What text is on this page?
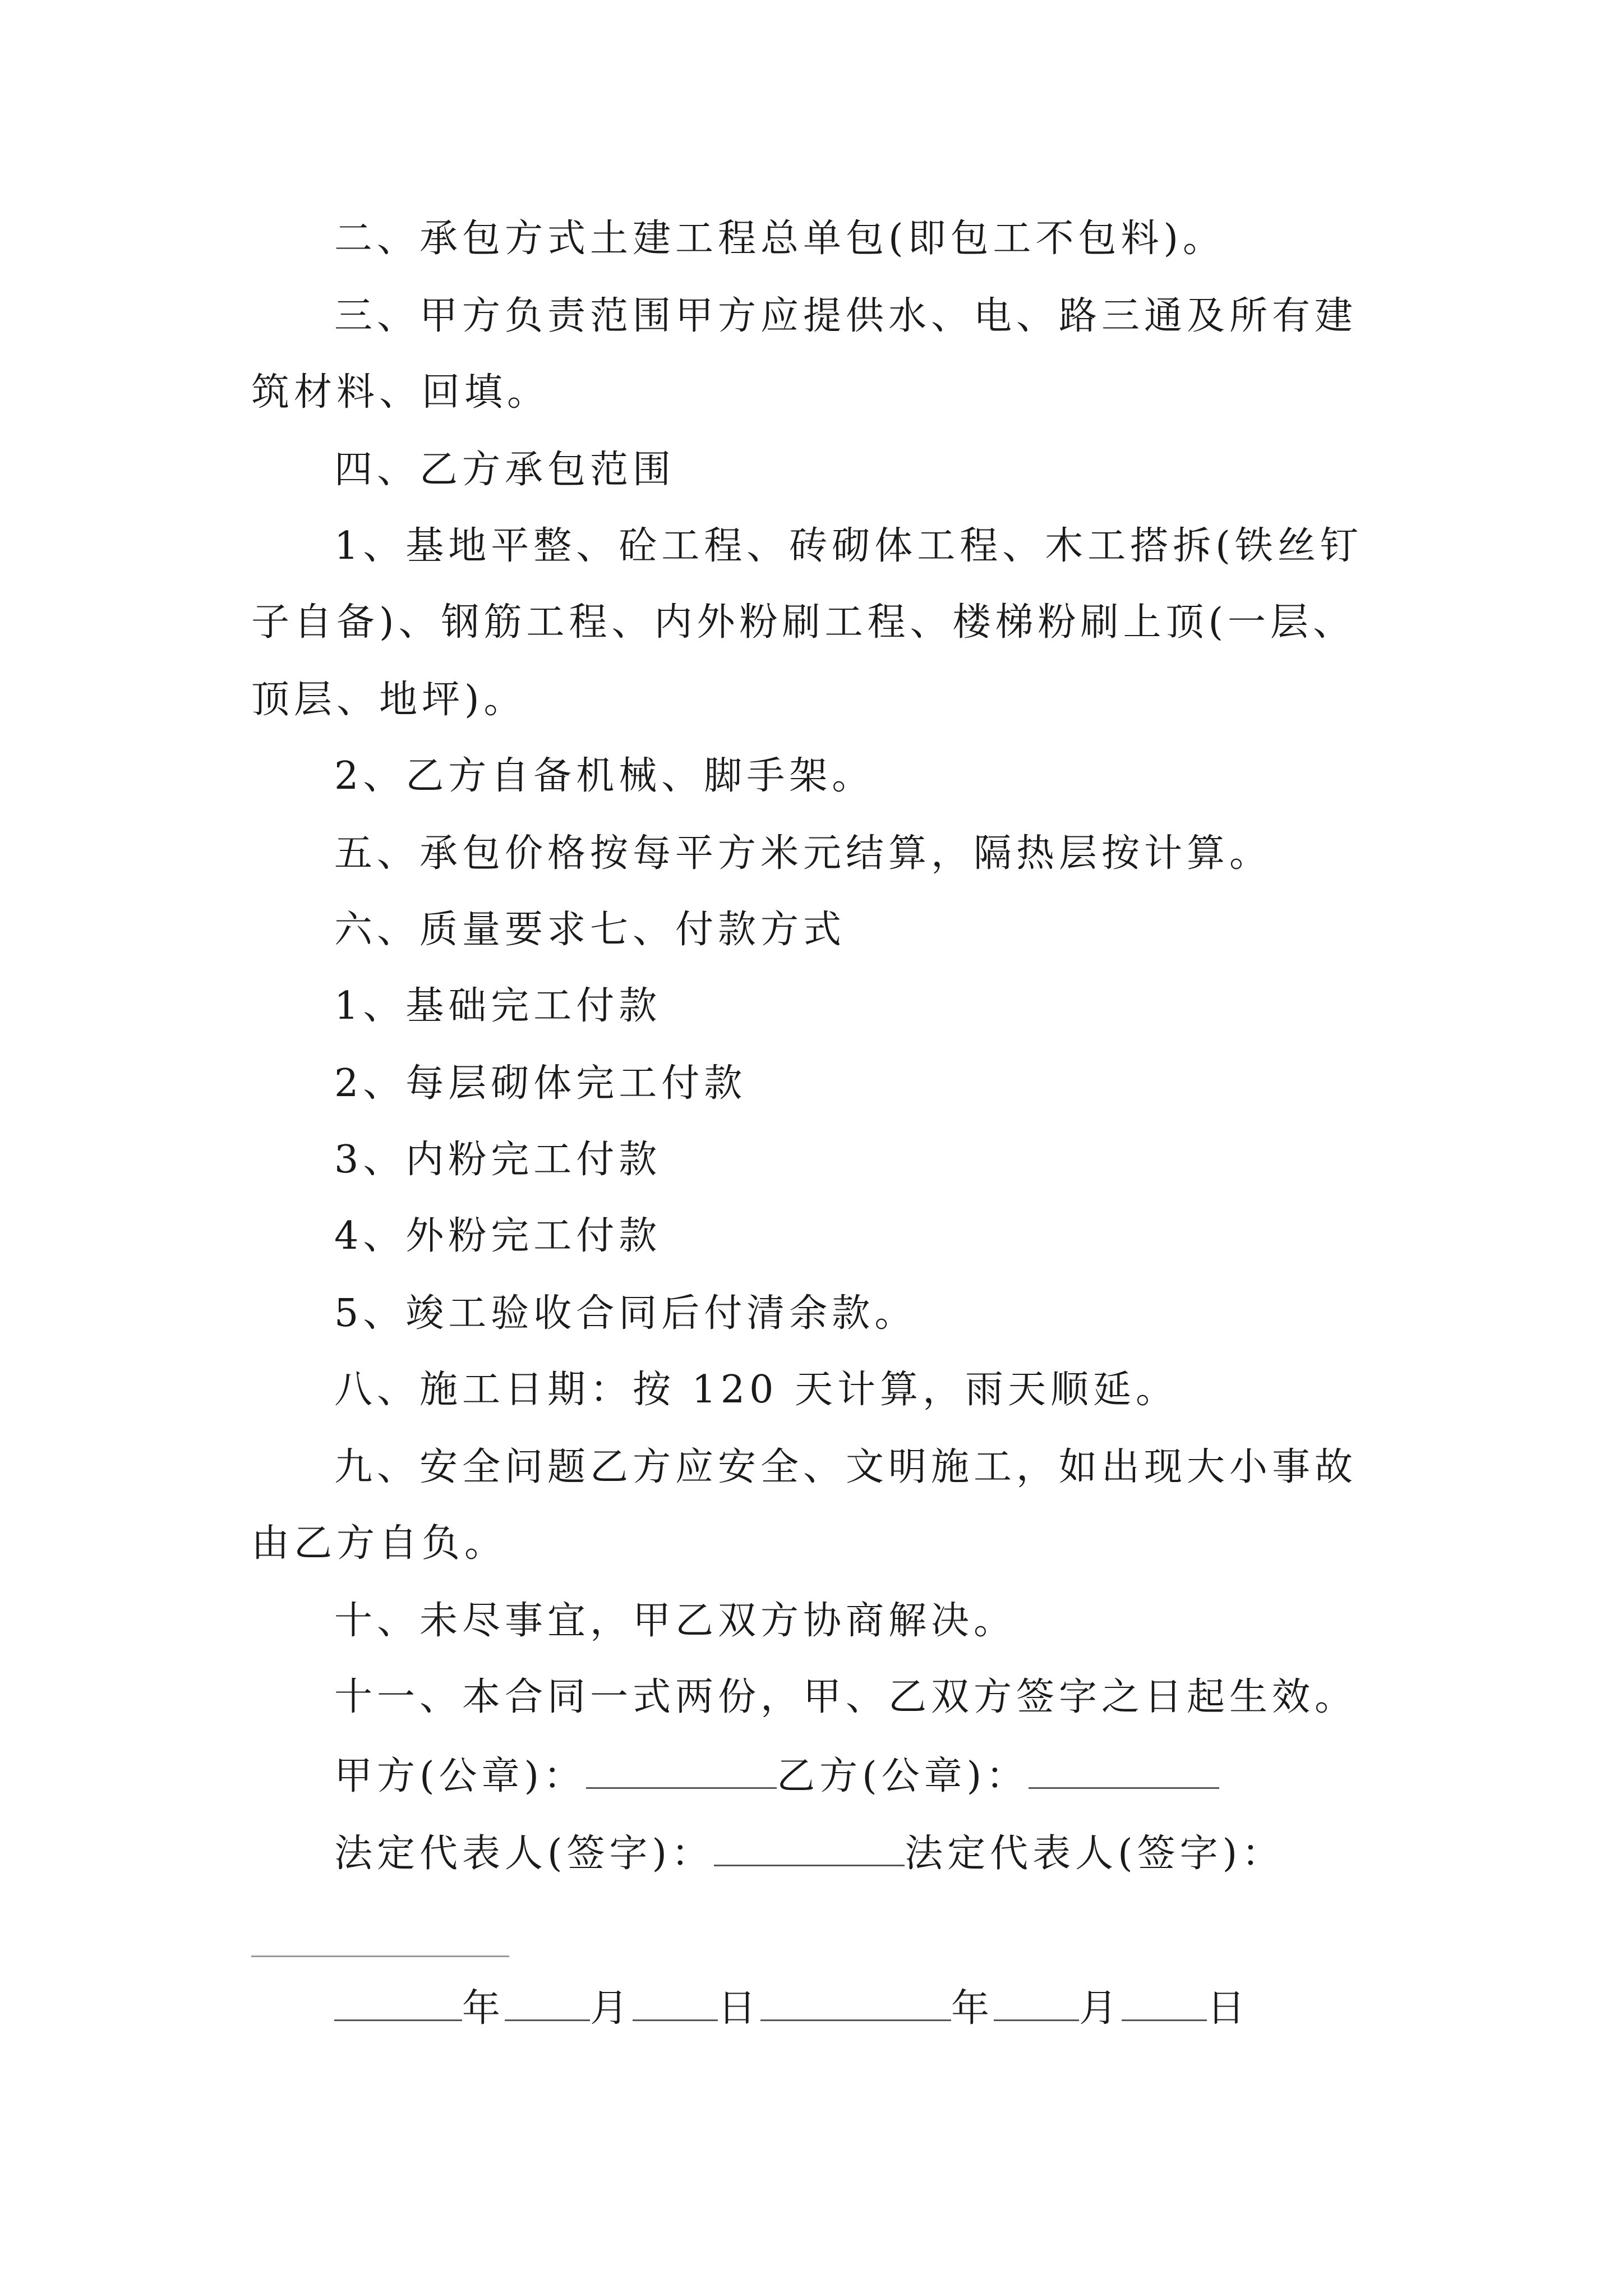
二、承包方式土建工程总单包(即包工不包料)。
三、甲方负责范围甲方应提供水、电、路三通及所有建
筑材料、回填。
四、乙方承包范围
1、基地平整、砼工程、砖砌体工程、木工搭拆(铁丝钉
子自备)、钢筋工程、内外粉刷工程、楼梯粉刷上顶(一层、
顶层、地坪)。
2、乙方自备机械、脚手架。
五、承包价格按每平方米元结算，隔热层按计算。
六、质量要求七、付款方式
1、基础完工付款
2、每层砌体完工付款
3、内粉完工付款
4、外粉完工付款
5、竣工验收合同后付清余款。
八、施工日期：按 120 天计算，雨天顺延。
九、安全问题乙方应安全、文明施工，如出现大小事故
由乙方自负。
十、未尽事宜，甲乙双方协商解决。
十一、本合同一式两份，甲、乙双方签字之日起生效。
甲方(公章)：	乙方(公章)：
法定代表人(签字)：	法定代表人(签字)：
年 月 日	年 月 日
